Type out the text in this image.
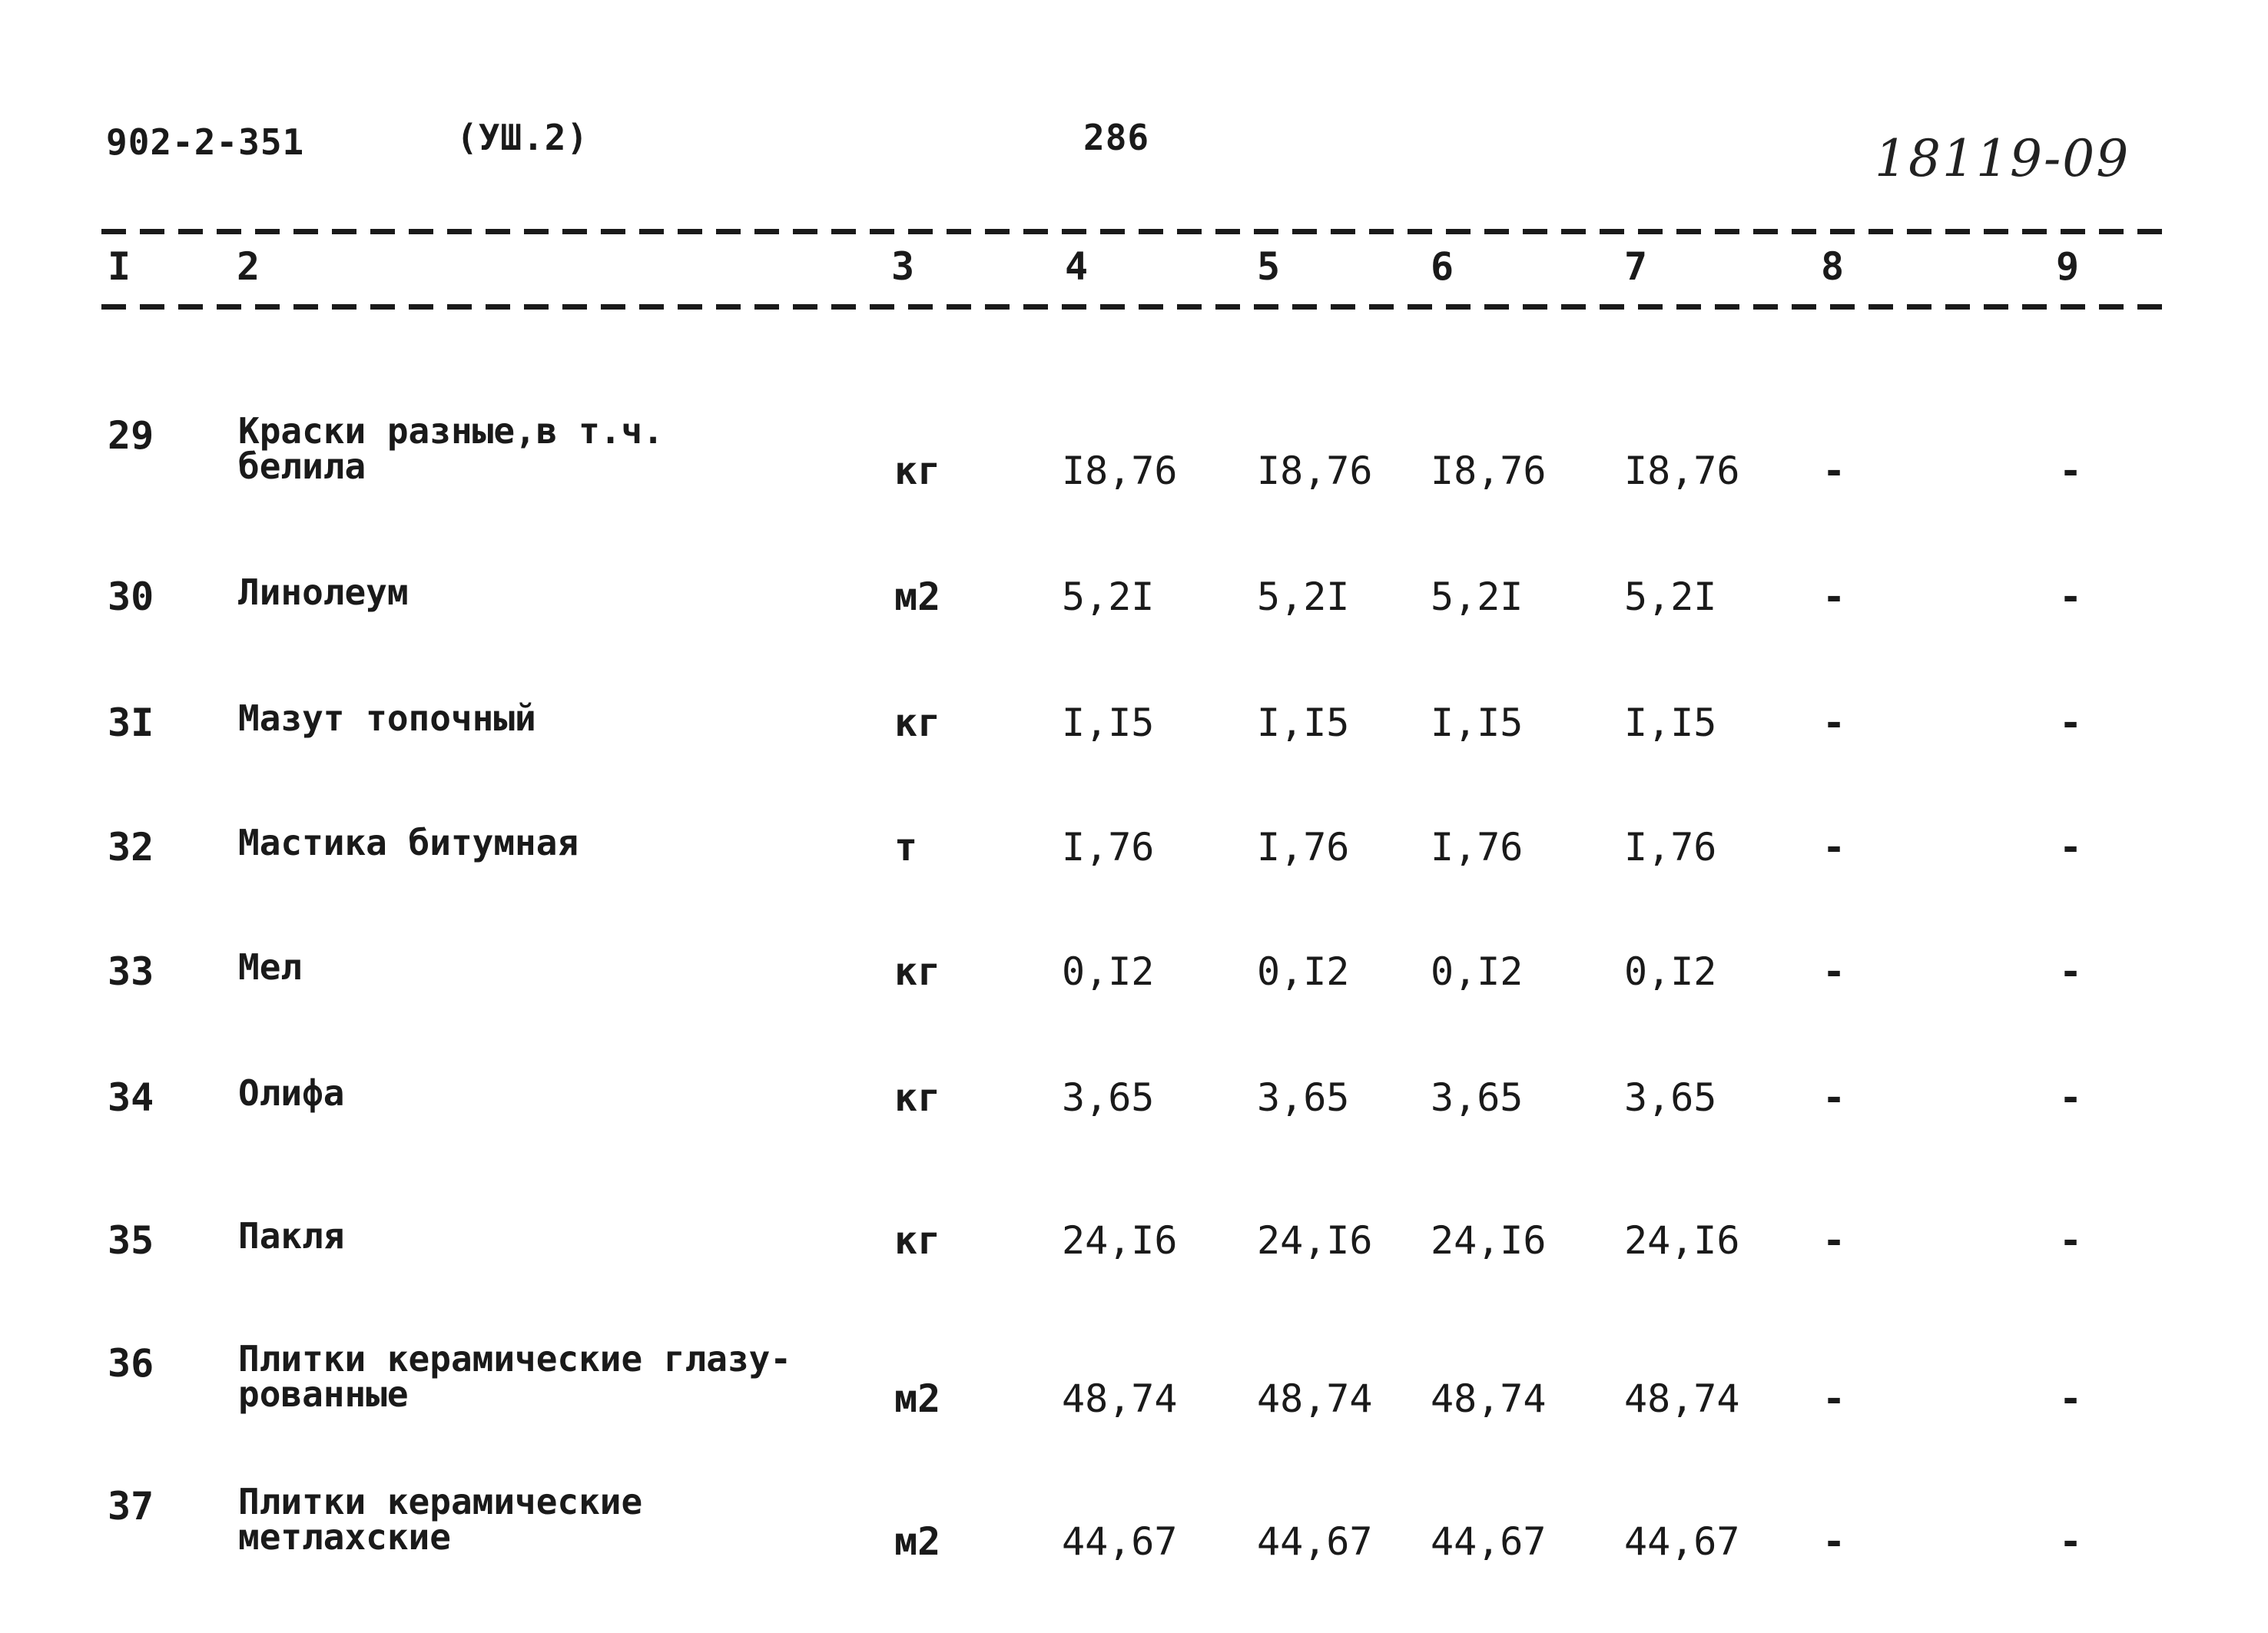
902-2-351	(УШ.2)	286	18119-09
I	2	3	4	5	6	7	8	9
29 Краски разные,в т.ч.
белила	кг	I8,76 I8,76 I8,76 I8,76 -	-
30 Линолеум	м2	5,2I	5,2I 5,2I	5,2I	-	-
3I Мазут топочный	кг	I,I5	I,I5 I,I5	I,I5	-	-
32 Мастика битумная	т	I,76	I,76 I,76	I,76	-	-
33 Мел	кг	0,I2	0,I2 0,I2	0,I2	-	-
34 Олифа	кг	3,65	3,65 3,65	3,65	-	-
35 Пакля	кг	24,I6 24,I6 24,I6 24,I6 -	-
36 Плитки керамические глазу-
рованные	м2	48,74 48,74 48,74 48,74 -	-
37 Плитки керамические
метлахские	м2	44,67 44,67 44,67 44,67 -	-
